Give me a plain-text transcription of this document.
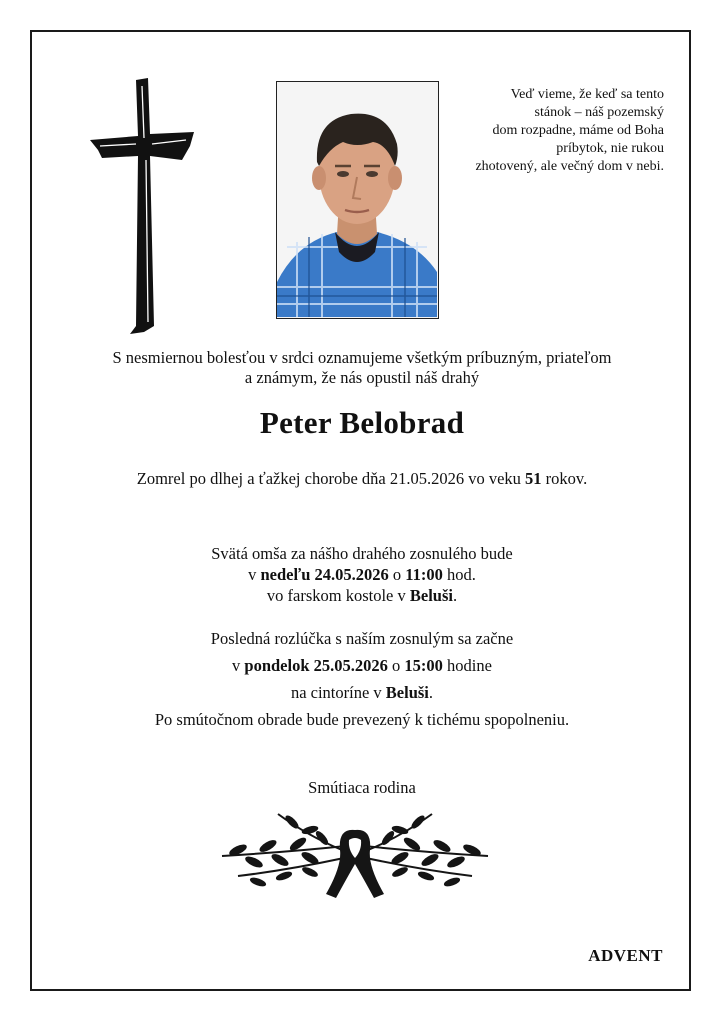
Veď vieme, že keď sa tento
stánok – náš pozemský
dom rozpadne, máme od Boha
príbytok, nie rukou
zhotovený, ale večný dom v nebi.
S nesmiernou bolesťou v srdci oznamujeme všetkým príbuzným, priateľom
a známym, že nás opustil náš drahý
Peter Belobrad
Zomrel po dlhej a ťažkej chorobe dňa 21.05.2026 vo veku 51 rokov.
Svätá omša za nášho drahého zosnulého bude
v nedeľu 24.05.2026 o 11:00 hod.
vo farskom kostole v Beluši.
Posledná rozlúčka s naším zosnulým sa začne
v pondelok 25.05.2026 o 15:00 hodine
na cintoríne v Beluši.
Po smútočnom obrade bude prevezený k tichému spopolneniu.
Smútiaca rodina
ADVENT
